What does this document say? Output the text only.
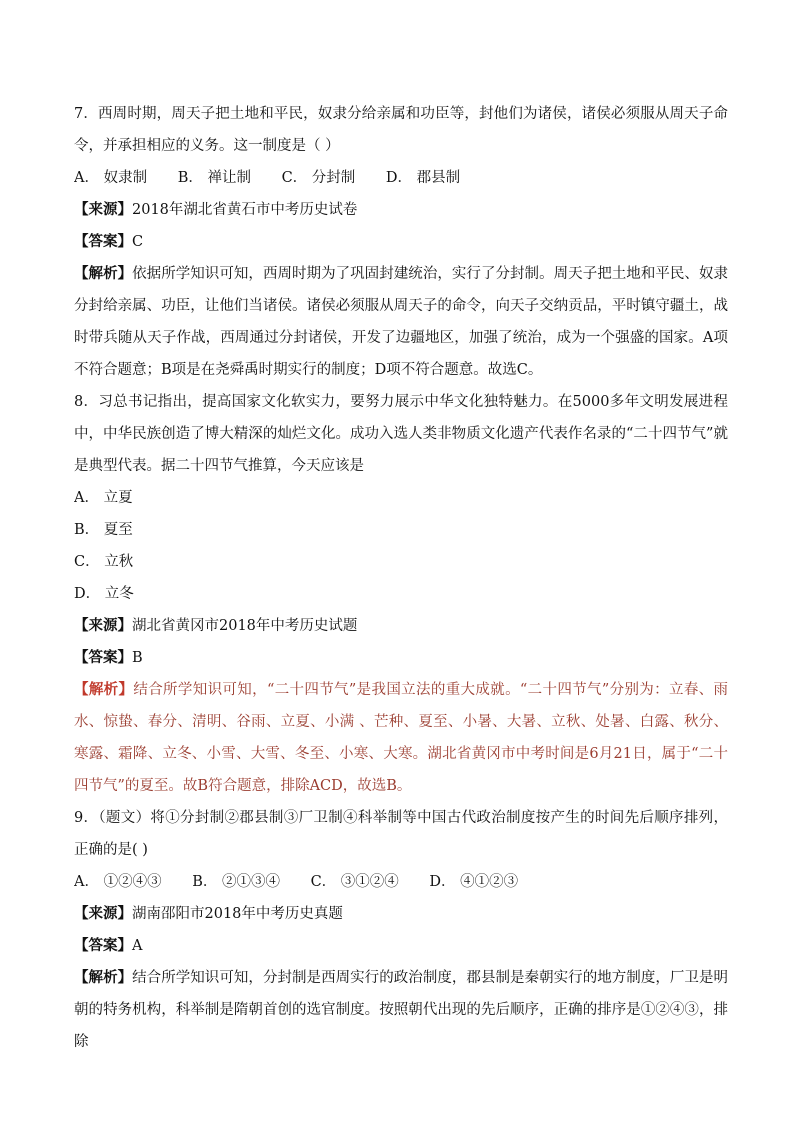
7．西周时期，周天子把土地和平民，奴隶分给亲属和功臣等，封他们为诸侯，诸侯必须服从周天子命令，并承担相应的义务。这一制度是（ ）
A． 奴隶制 B． 禅让制 C． 分封制 D． 郡县制
【来源】2018年湖北省黄石市中考历史试卷
【答案】C
【解析】依据所学知识可知，西周时期为了巩固封建统治，实行了分封制。周天子把土地和平民、奴隶分封给亲属、功臣，让他们当诸侯。诸侯必须服从周天子的命令，向天子交纳贡品，平时镇守疆土，战时带兵随从天子作战，西周通过分封诸侯，开发了边疆地区，加强了统治，成为一个强盛的国家。A项不符合题意；B项是在尧舜禹时期实行的制度；D项不符合题意。故选C。
8．习总书记指出，提高国家文化软实力，要努力展示中华文化独特魅力。在5000多年文明发展进程中，中华民族创造了博大精深的灿烂文化。成功入选人类非物质文化遗产代表作名录的“二十四节气”就是典型代表。据二十四节气推算，今天应该是
A． 立夏
B． 夏至
C． 立秋
D． 立冬
【来源】湖北省黄冈市2018年中考历史试题
【答案】B
【解析】结合所学知识可知，“二十四节气”是我国立法的重大成就。“二十四节气”分别为：立春、雨水、惊蛰、春分、清明、谷雨、立夏、小满 、芒种、夏至、小暑、大暑、立秋、处暑、白露、秋分、寒露、霜降、立冬、小雪、大雪、冬至、小寒、大寒。湖北省黄冈市中考时间是6月21日，属于“二十四节气”的夏至。故B符合题意，排除ACD，故选B。
9．（题文）将①分封制②郡县制③厂卫制④科举制等中国古代政治制度按产生的时间先后顺序排列，正确的是( )
A． ①②④③ B． ②①③④ C． ③①②④ D． ④①②③
【来源】湖南邵阳市2018年中考历史真题
【答案】A
【解析】结合所学知识可知，分封制是西周实行的政治制度，郡县制是秦朝实行的地方制度，厂卫是明朝的特务机构，科举制是隋朝首创的选官制度。按照朝代出现的先后顺序，正确的排序是①②④③，排除
